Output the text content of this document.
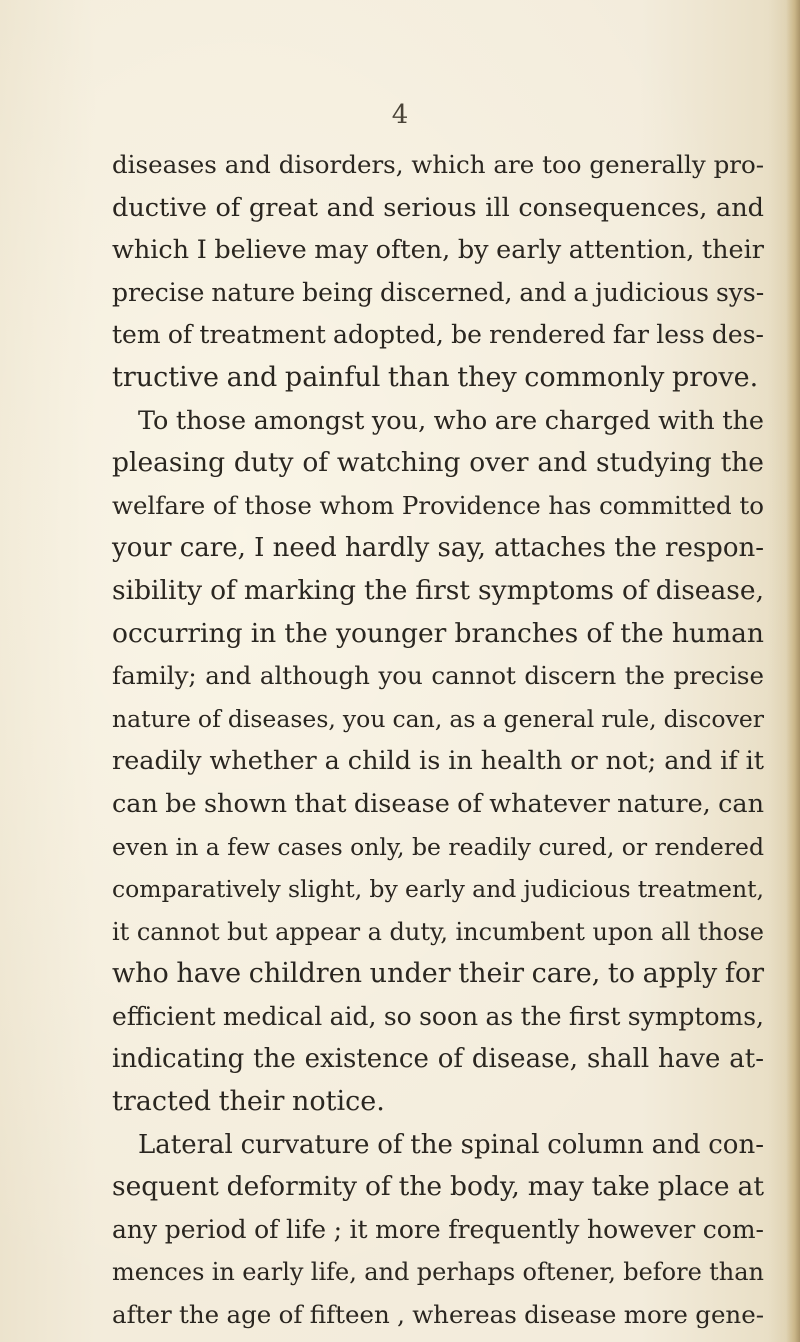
4
diseases and disorders, which are too generally pro-
ductive of great and serious ill consequences, and
which I believe may often, by early attention, their
precise nature being discerned, and a judicious sys-
tem of treatment adopted, be rendered far less des-
tructive and painful than they commonly prove.
To those amongst you, who are charged with the
pleasing duty of watching over and studying the
welfare of those whom Providence has committed to
your care, I need hardly say, attaches the respon-
sibility of marking the first symptoms of disease,
occurring in the younger branches of the human
family; and although you cannot discern the precise
nature of diseases, you can, as a general rule, discover
readily whether a child is in health or not; and if it
can be shown that disease of whatever nature, can
even in a few cases only, be readily cured, or rendered
comparatively slight, by early and judicious treatment,
it cannot but appear a duty, incumbent upon all those
who have children under their care, to apply for
efficient medical aid, so soon as the first symptoms,
indicating the existence of disease, shall have at-
tracted their notice.
Lateral curvature of the spinal column and con-
sequent deformity of the body, may take place at
any period of life ; it more frequently however com-
mences in early life, and perhaps oftener, before than
after the age of fifteen , whereas disease more gene-
